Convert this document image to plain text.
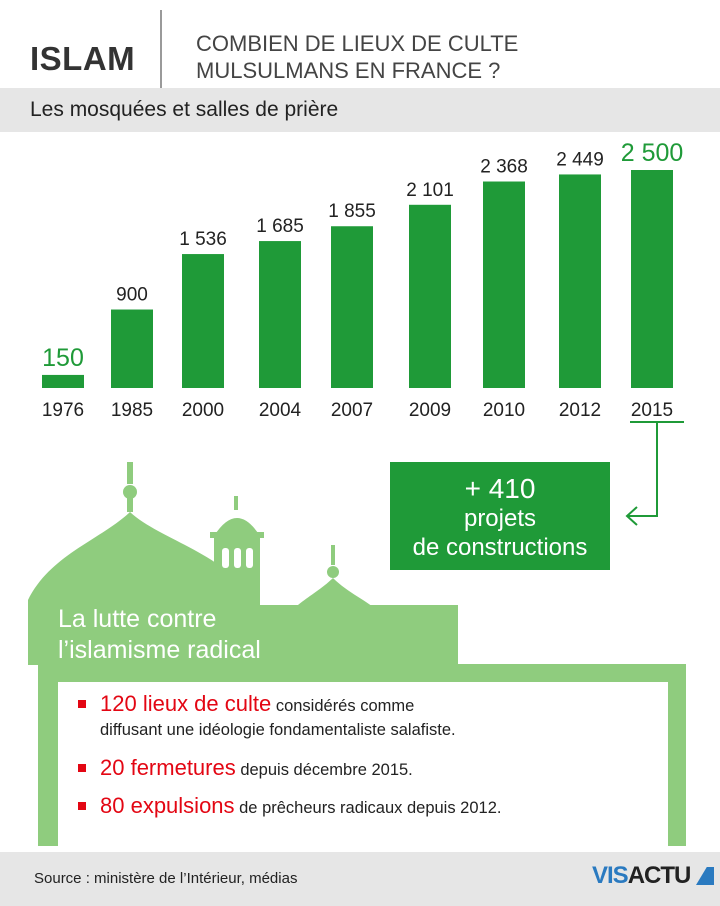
ISLAM	COMBIEN DE LIEUX DE CULTE
MULSULMANS EN FRANCE ?
Les mosquées et salles de prière
150
900
1 536
1 685
1 855
2 101
2 368 2 449 2 500
1976 1985 2000 2004 2007 2009 2010 2012 2015
+ 410
projets
de constructions
La lutte contre
l’islamisme radical
120 lieux de culte considérés comme
diffusant une idéologie fondamentaliste salafiste.
20 fermetures depuis décembre 2015.
80 expulsions de prêcheurs radicaux depuis 2012.
Source : ministère de l’Intérieur, médias	VISACTU
